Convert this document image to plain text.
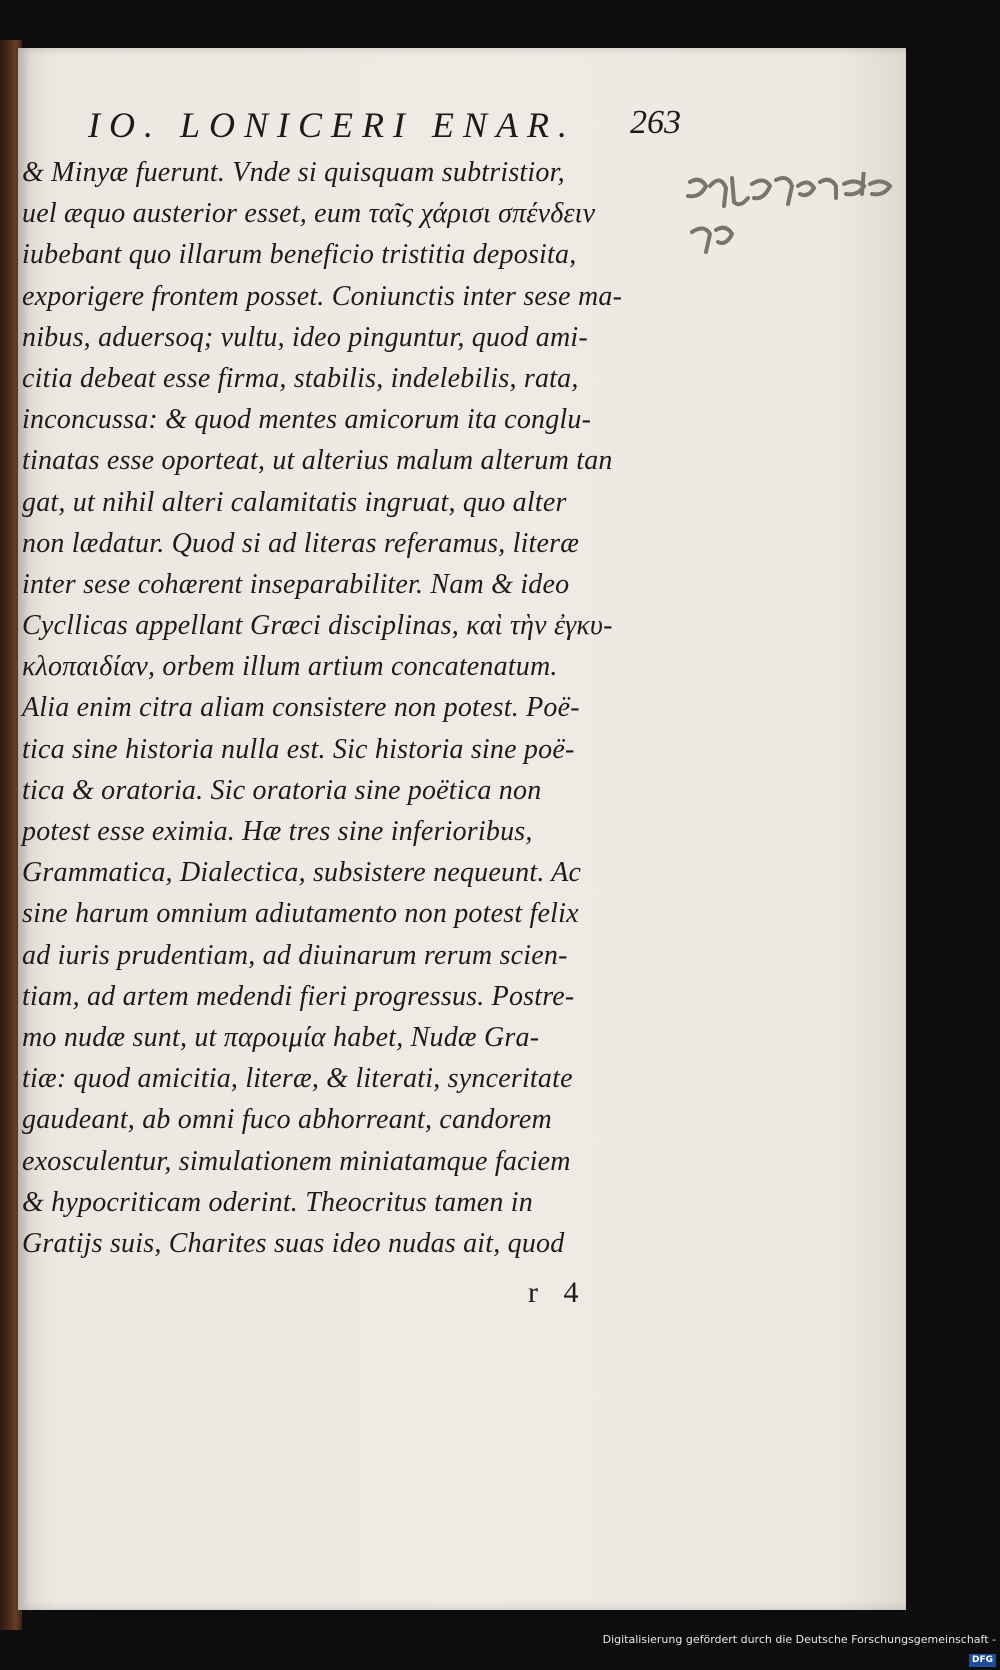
IO. LONICERI ENAR.	263
& Minyæ fuerunt. Vnde si quisquam subtristior,
uel æquo austerior esset, eum ταῖς χάρισι σπένδειν
iubebant quo illarum beneficio tristitia deposita,
exporigere frontem posset. Coniunctis inter sese ma-
nibus, aduersoq; vultu, ideo pinguntur, quod ami-
citia debeat esse firma, stabilis, indelebilis, rata,
inconcussa: & quod mentes amicorum ita conglu-
tinatas esse oporteat, ut alterius malum alterum tan
gat, ut nihil alteri calamitatis ingruat, quo alter
non lædatur. Quod si ad literas referamus, literæ
inter sese cohærent inseparabiliter. Nam & ideo
Cycllicas appellant Græci disciplinas, καὶ τὴν ἐγκυ-
κλοπαιδίαν, orbem illum artium concatenatum.
Alia enim citra aliam consistere non potest. Poë-
tica sine historia nulla est. Sic historia sine poë-
tica & oratoria. Sic oratoria sine poëtica non
potest esse eximia. Hæ tres sine inferioribus,
Grammatica, Dialectica, subsistere nequeunt. Ac
sine harum omnium adiutamento non potest felix
ad iuris prudentiam, ad diuinarum rerum scien-
tiam, ad artem medendi fieri progressus. Postre-
mo nudæ sunt, ut παροιμία habet, Nudæ Gra-
tiæ: quod amicitia, literæ, & literati, synceritate
gaudeant, ab omni fuco abhorreant, candorem
exosculentur, simulationem miniatamque faciem
& hypocriticam oderint. Theocritus tamen in
Gratijs suis, Charites suas ideo nudas ait, quod
r 4
Digitalisierung gefördert durch die Deutsche Forschungsgemeinschaft -DFG
